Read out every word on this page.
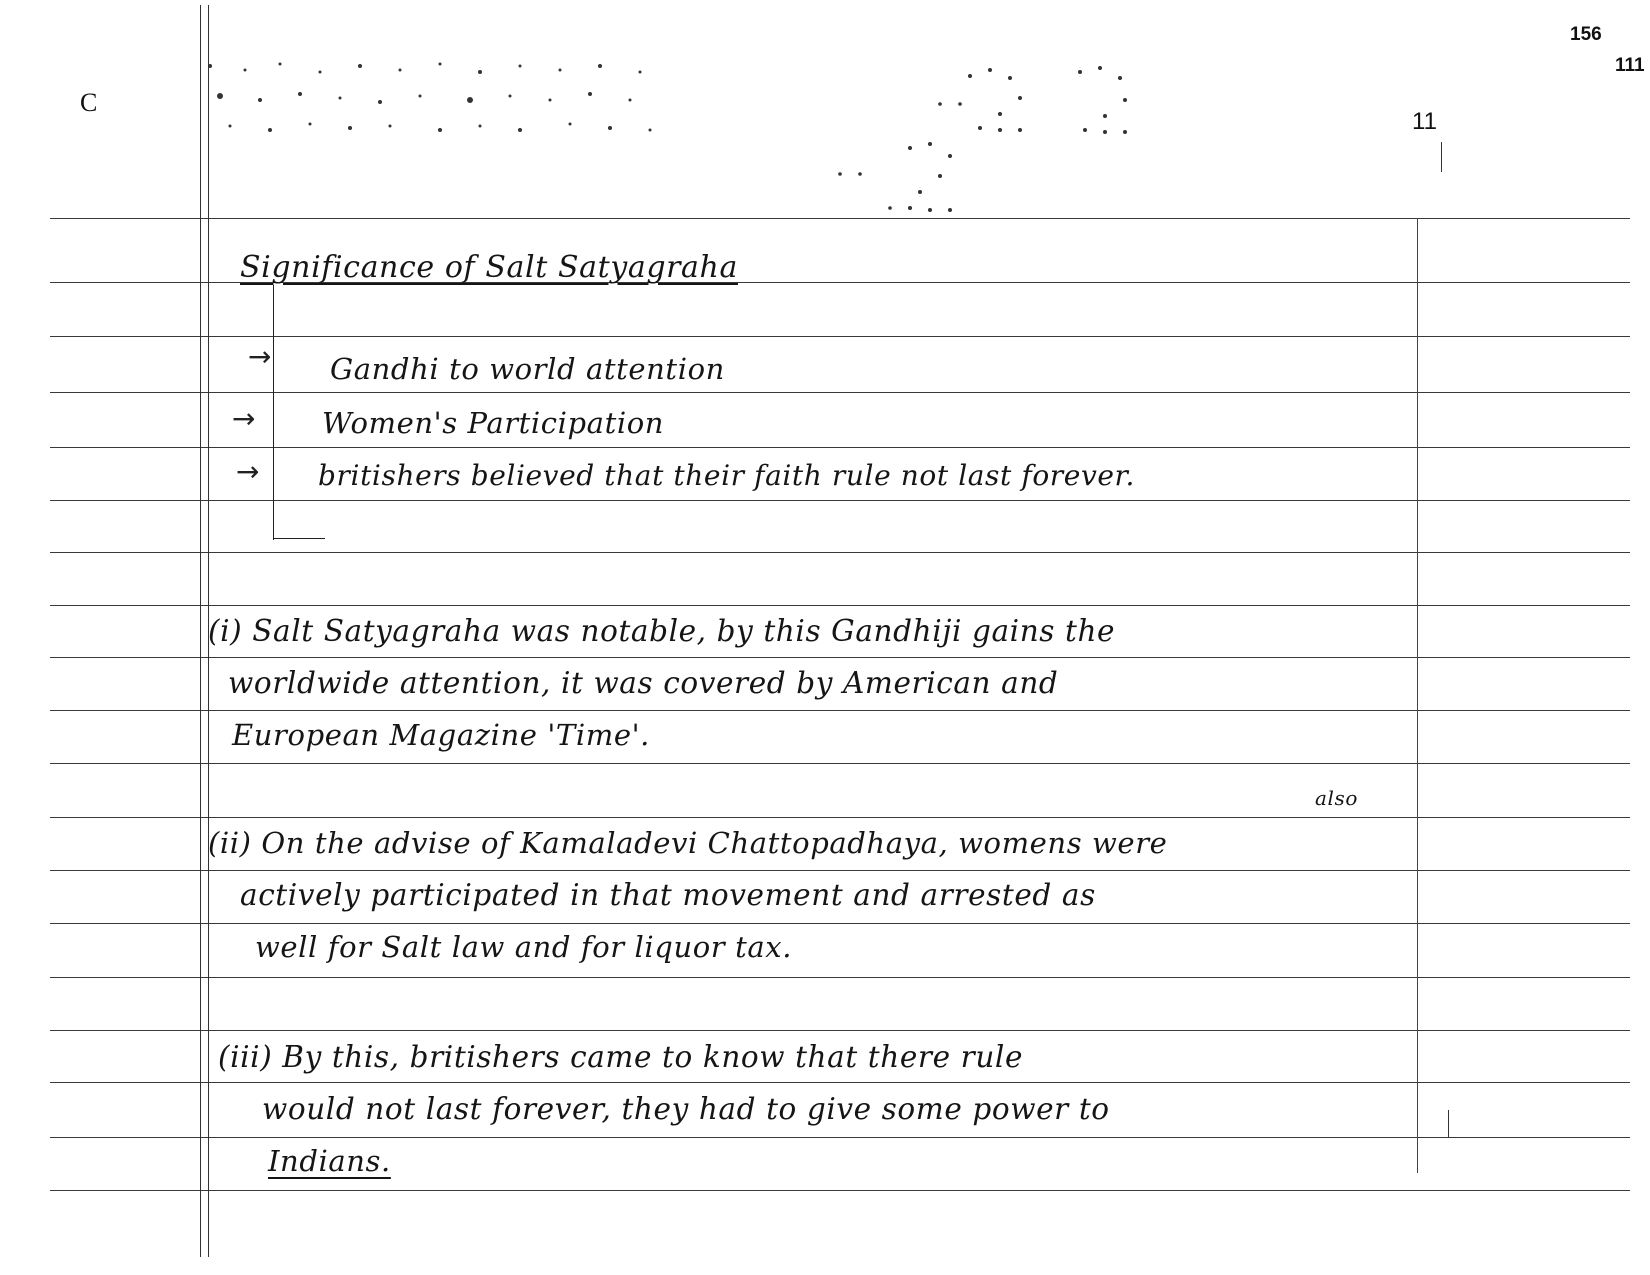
156
111
11
C
Significance of Salt Satyagraha
→ Gandhi to world attention
→ Women's Participation
→ britishers believed that their faith rule not last forever.
(i) Salt Satyagraha was notable, by this Gandhiji gains the
worldwide attention, it was covered by American and
European Magazine 'Time'.
also
(ii) On the advise of Kamaladevi Chattopadhaya, womens were
actively participated in that movement and arrested as
well for Salt law and for liquor tax.
(iii) By this, britishers came to know that there rule
would not last forever, they had to give some power to
Indians.
